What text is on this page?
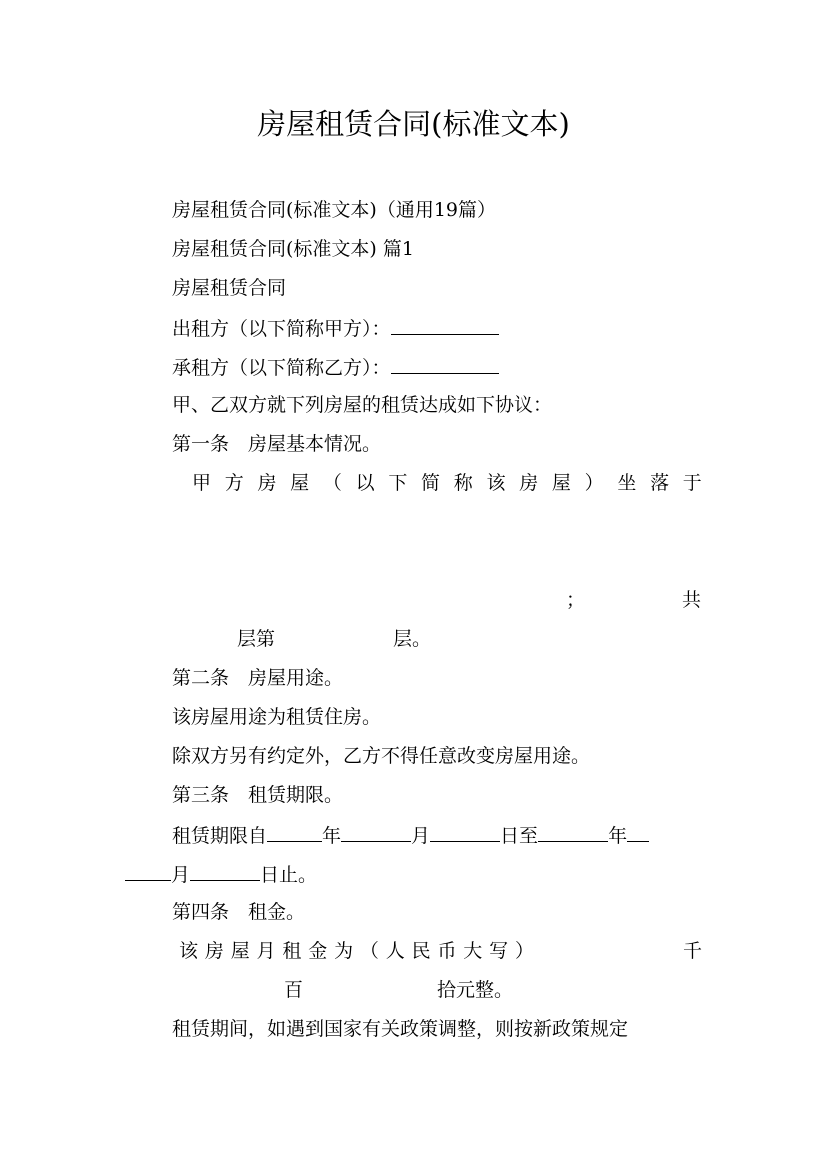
房屋租赁合同(标准文本)
房屋租赁合同(标准文本)（通用19篇）
房屋租赁合同(标准文本) 篇1
房屋租赁合同
出租方（以下简称甲方）：
承租方（以下简称乙方）：
甲、乙双方就下列房屋的租赁达成如下协议：
第一条　房屋基本情况。
甲 方 房 屋 （ 以 下 简 称 该 房 屋 ） 坐 落 于
；	共
层第	层。
第二条　房屋用途。
该房屋用途为租赁住房。
除双方另有约定外，乙方不得任意改变房屋用途。
第三条　租赁期限。
租赁期限自	年	月	日至	年
月	日止。
第四条　租金。
该 房 屋 月 租 金 为 （ 人 民 币 大 写 ）	千
百	拾元整。
租赁期间，如遇到国家有关政策调整，则按新政策规定
